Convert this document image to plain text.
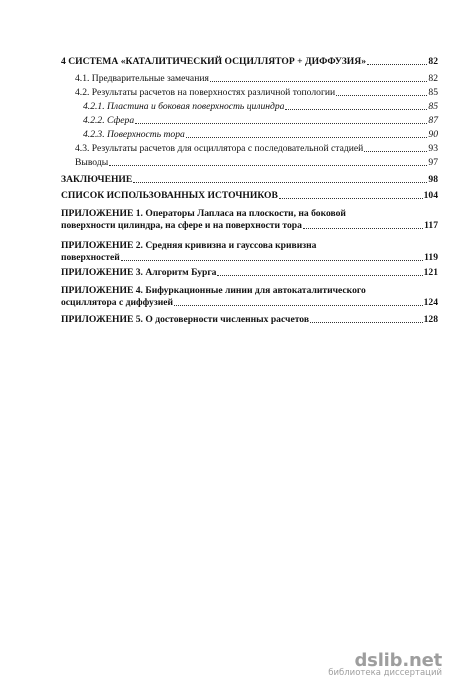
4 СИСТЕМА «КАТАЛИТИЧЕСКИЙ ОСЦИЛЛЯТОР + ДИФФУЗИЯ»	82
4.1. Предварительные замечания	82
4.2. Результаты расчетов на поверхностях различной топологии	85
4.2.1. Пластина и боковая поверхность цилиндра	85
4.2.2. Сфера	87
4.2.3. Поверхность тора	90
4.3. Результаты расчетов для осциллятора с последовательной стадией	93
Выводы	97
ЗАКЛЮЧЕНИЕ	98
СПИСОК ИСПОЛЬЗОВАННЫХ ИСТОЧНИКОВ	104
ПРИЛОЖЕНИЕ 1. Операторы Лапласа на плоскости, на боковой
поверхности цилиндра, на сфере и на поверхности тора	117
ПРИЛОЖЕНИЕ 2. Средняя кривизна и гауссова кривизна
поверхностей	119
ПРИЛОЖЕНИЕ 3. Алгоритм Бурга	121
ПРИЛОЖЕНИЕ 4. Бифуркационные линии для автокаталитического
осциллятора с диффузией	124
ПРИЛОЖЕНИЕ 5. О достоверности численных расчетов	128
dslib.net
библиотека диссертаций
